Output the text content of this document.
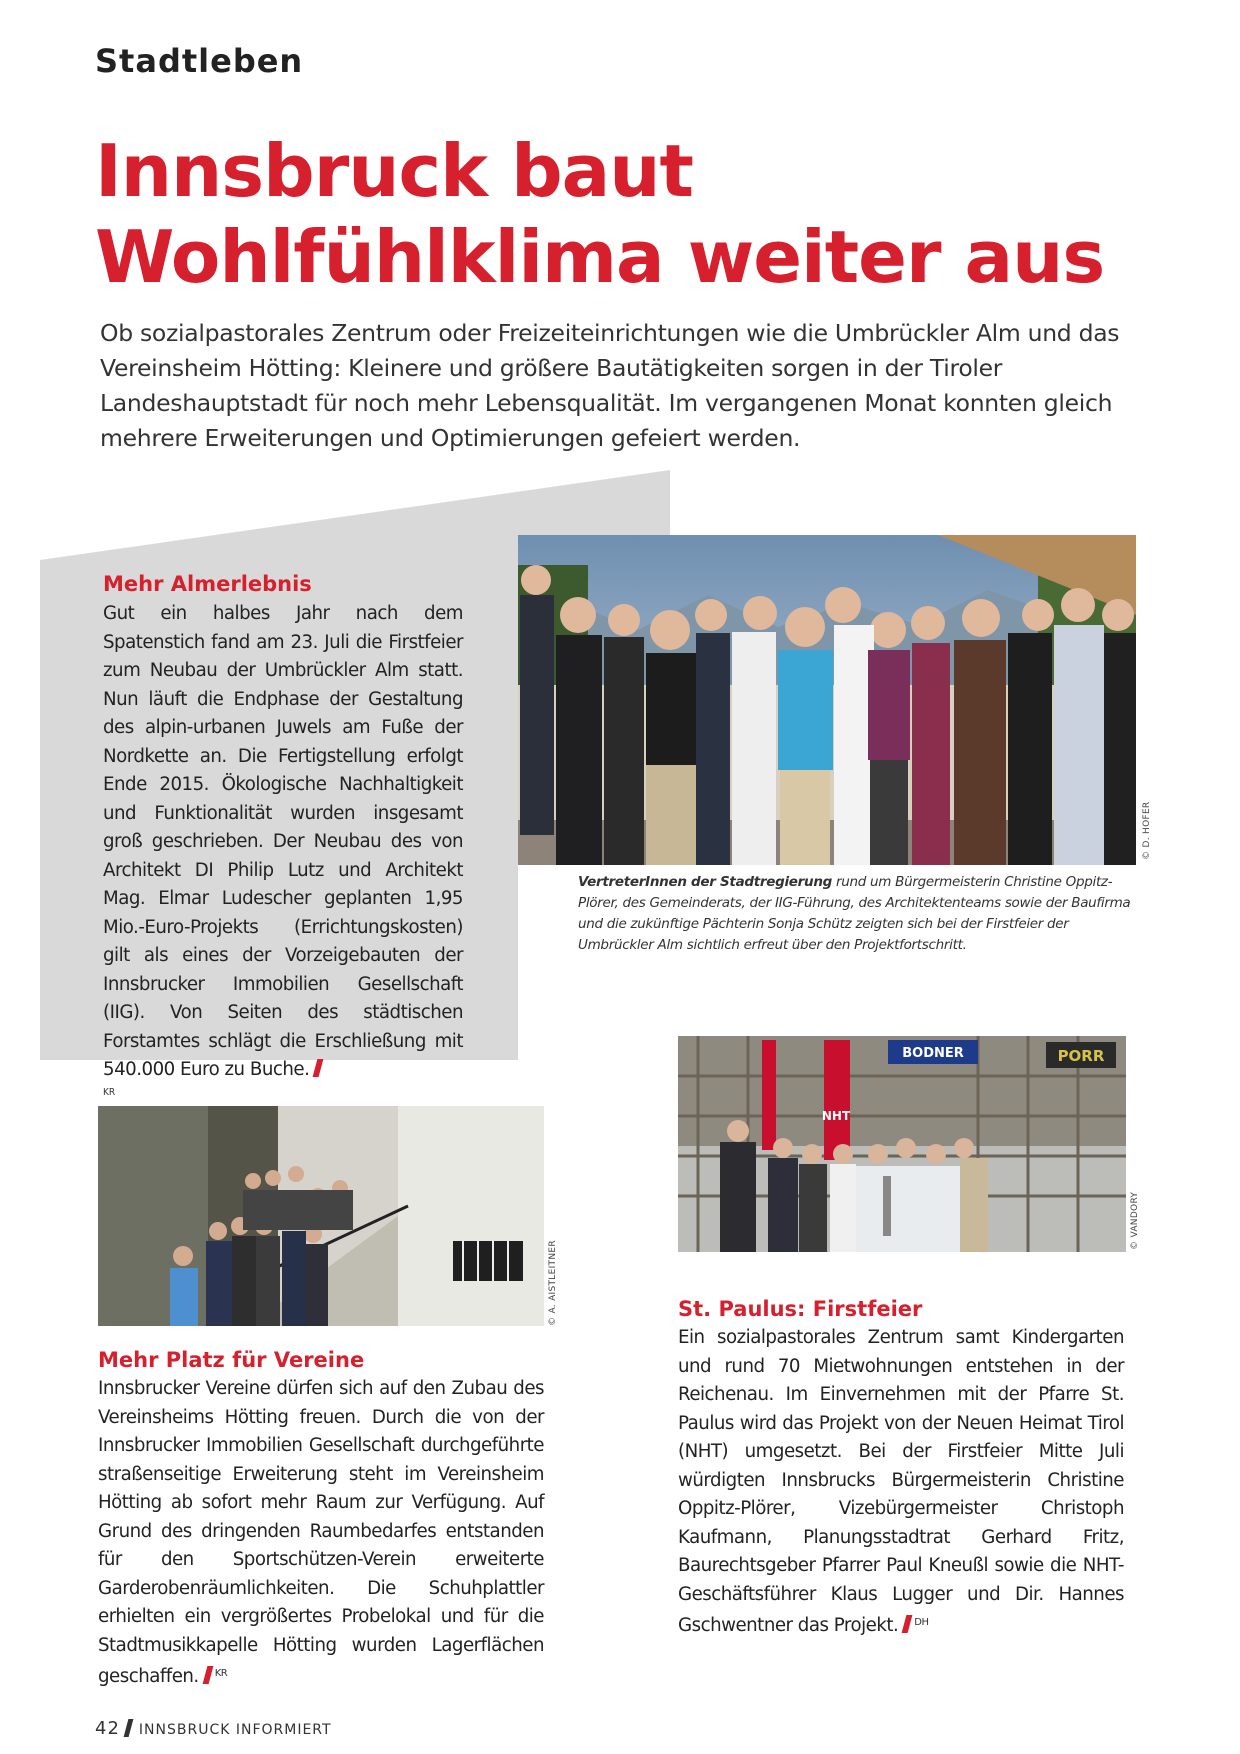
Stadtleben
Innsbruck baut
Wohlfühlklima weiter aus
Ob sozialpastorales Zentrum oder Freizeiteinrichtungen wie die Umbrückler Alm und das Vereinsheim Hötting: Kleinere und größere Bautätigkeiten sorgen in der Tiroler Landeshauptstadt für noch mehr Lebensqualität. Im vergangenen Monat konnten gleich mehrere Erweiterungen und Optimierungen gefeiert werden.
Mehr Almerlebnis
Gut ein halbes Jahr nach dem Spatenstich fand am 23. Juli die Firstfeier zum Neubau der Umbrückler Alm statt. Nun läuft die Endphase der Gestaltung des alpin-urbanen Juwels am Fuße der Nordkette an. Die Fertigstellung erfolgt Ende 2015. Ökologische Nachhaltigkeit und Funktionalität wurden insgesamt groß geschrieben. Der Neubau des von Architekt DI Philip Lutz und Architekt Mag. Elmar Ludescher geplanten 1,95 Mio.-Euro-Projekts (Errichtungskosten) gilt als eines der Vorzeigebauten der Innsbrucker Immobilien Gesellschaft (IIG). Von Seiten des städtischen Forstamtes schlägt die Erschließung mit 540.000 Euro zu Buche.
KR
© D. HOFER
VertreterInnen der Stadtregierung rund um Bürgermeisterin Christine Oppitz-Plörer, des Gemeinderats, der IIG-Führung, des Architektenteams sowie der Baufirma und die zukünftige Pächterin Sonja Schütz zeigten sich bei der Firstfeier der Umbrückler Alm sichtlich erfreut über den Projektfortschritt.
BODNER	PORR
NHT
© VANDORY
© A. AISTLEITNER
Mehr Platz für Vereine
Innsbrucker Vereine dürfen sich auf den Zubau des Vereinsheims Hötting freuen. Durch die von der Innsbrucker Immobilien Gesellschaft durchgeführte straßenseitige Erweiterung steht im Vereinsheim Hötting ab sofort mehr Raum zur Verfügung. Auf Grund des dringenden Raumbedarfes entstanden für den Sportschützen-Verein erweiterte Garderobenräumlichkeiten. Die Schuhplattler erhielten ein vergrößertes Probelokal und für die Stadtmusikkapelle Hötting wurden Lagerflächen geschaffen. $^{KR}$
St. Paulus: Firstfeier
Ein sozialpastorales Zentrum samt Kindergarten und rund 70 Mietwohnungen entstehen in der Reichenau. Im Einvernehmen mit der Pfarre St. Paulus wird das Projekt von der Neuen Heimat Tirol (NHT) umgesetzt. Bei der Firstfeier Mitte Juli würdigten Innsbrucks Bürgermeisterin Christine Oppitz-Plörer, Vizebürgermeister Christoph Kaufmann, Planungsstadtrat Gerhard Fritz, Baurechtsgeber Pfarrer Paul Kneußl sowie die NHT-Geschäftsführer Klaus Lugger und Dir. Hannes Gschwentner das Projekt. $^{DH}$
42 INNSBRUCK INFORMIERT
